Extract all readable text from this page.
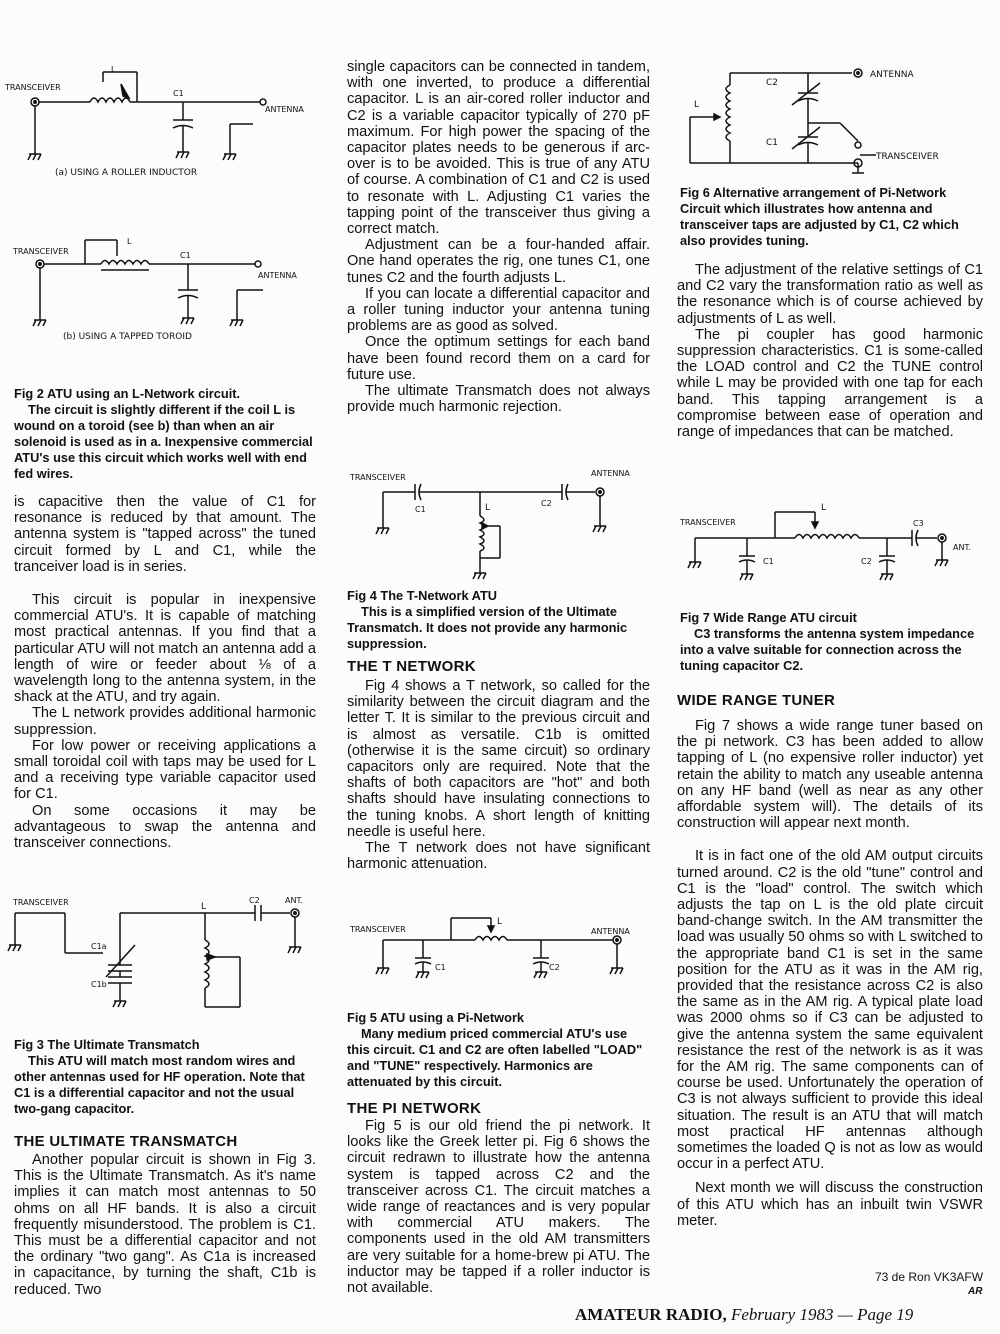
TRANSCEIVER
L
C1
ANTENNA
(a) USING A ROLLER INDUCTOR
TRANSCEIVER
L
C1
ANTENNA
(b) USING A TAPPED TOROID
Fig 2 ATU using an L-Network circuit.
The circuit is slightly different if the coil L is wound on a toroid (see b) than when an air solenoid is used as in a. Inexpensive commercial ATU's use this circuit which works well with end fed wires.

is capacitive then the value of C1 for resonance is reduced by that amount. The antenna system is "tapped across" the tuned circuit formed by L and C1, while the tranceiver load is in series.

This circuit is popular in inexpensive commercial ATU's. It is capable of matching most practical antennas. If you find that a particular ATU will not match an antenna add a length of wire or feeder about ⅛ of a wavelength long to the antenna system, in the shack at the ATU, and try again.

The L network provides additional harmonic suppression.

For low power or receiving applications a small toroidal coil with taps may be used for L and a receiving type variable capacitor used for C1.

On some occasions it may be advantageous to swap the antenna and transceiver connections.

TRANSCEIVER	L
C2	ANT.
C1a
C1b
Fig 3 The Ultimate Transmatch
This ATU will match most random wires and other antennas used for HF operation. Note that C1 is a differential capacitor and not the usual two-gang capacitor.
THE ULTIMATE TRANSMATCH

Another popular circuit is shown in Fig 3. This is the Ultimate Transmatch. As it's name implies it can match most antennas to 50 ohms on all HF bands. It is also a circuit frequently misunderstood. The problem is C1. This must be a differential capacitor and not the ordinary "two gang". As C1a is increased in capacitance, by turning the shaft, C1b is reduced. Two

single capacitors can be connected in tandem, with one inverted, to produce a differential capacitor. L is an air-cored roller inductor and C2 is a variable capacitor typically of 270 pF maximum. For high power the spacing of the capacitor plates needs to be generous if arc-over is to be avoided. This is true of any ATU of course. A combination of C1 and C2 is used to resonate with L. Adjusting C1 varies the tapping point of the transceiver thus giving a correct match.

Adjustment can be a four-handed affair. One hand operates the rig, one tunes C1, one tunes C2 and the fourth adjusts L.

If you can locate a differential capacitor and a roller tuning inductor your antenna tuning problems are as good as solved.

Once the optimum settings for each band have been found record them on a card for future use.

The ultimate Transmatch does not always provide much harmonic rejection.

TRANSCEIVER	ANTENNA
C1
C2
L
Fig 4 The T-Network ATU
This is a simplified version of the Ultimate Transmatch. It does not provide any harmonic suppression.
THE T NETWORK

Fig 4 shows a T network, so called for the similarity between the circuit diagram and the letter T. It is similar to the previous circuit and is almost as versatile. C1b is omitted (otherwise it is the same circuit) so ordinary capacitors only are required. Note that the shafts of both capacitors are "hot" and both shafts should have insulating connections to the tuning knobs. A short length of knitting needle is useful here.

The T network does not have significant harmonic attenuation.

TRANSCEIVER	ANTENNA
L
C1	C2
Fig 5 ATU using a Pi-Network
Many medium priced commercial ATU's use this circuit. C1 and C2 are often labelled "LOAD" and "TUNE" respectively. Harmonics are attenuated by this circuit.
THE PI NETWORK

Fig 5 is our old friend the pi network. It looks like the Greek letter pi. Fig 6 shows the circuit redrawn to illustrate how the antenna system is tapped across C2 and the transceiver across C1. The circuit matches a wide range of reactances and is very popular with commercial ATU makers. The components used in the old AM transmitters are very suitable for a home-brew pi ATU. The inductor may be tapped if a roller inductor is not available.

ANTENNA
TRANSCEIVER
L
C2
C1
Fig 6 Alternative arrangement of Pi-Network
Circuit which illustrates how antenna and transceiver taps are adjusted by C1, C2 which also provides tuning.

The adjustment of the relative settings of C1 and C2 vary the transformation ratio as well as the resonance which is of course achieved by adjustments of L as well.

The pi coupler has good harmonic suppression characteristics. C1 is some-called the LOAD control and C2 the TUNE control while L may be provided with one tap for each band. This tapping arrangement is a compromise between ease of operation and range of impedances that can be matched.

TRANSCEIVER
L
C1	C2
C3
ANT.
Fig 7 Wide Range ATU circuit
C3 transforms the antenna system impedance into a valve suitable for connection across the tuning capacitor C2.
WIDE RANGE TUNER

Fig 7 shows a wide range tuner based on the pi network. C3 has been added to allow tapping of L (no expensive roller inductor) yet retain the ability to match any useable antenna on any HF band (well as near as any other affordable system will). The details of its construction will appear next month.

It is in fact one of the old AM output circuits turned around. C2 is the old "tune" control and C1 is the "load" control. The switch which adjusts the tap on L is the old plate circuit band-change switch. In the AM transmitter the load was usually 50 ohms so with L switched to the appropriate band C1 is set in the same position for the ATU as it was in the AM rig, provided that the resistance across C2 is also the same as in the AM rig. A typical plate load was 2000 ohms so if C3 can be adjusted to give the antenna system the same equivalent resistance the rest of the network is as it was for the AM rig. The same components can of course be used. Unfortunately the operation of C3 is not always sufficient to provide this ideal situation. The result is an ATU that will match most practical HF antennas although sometimes the loaded Q is not as low as would occur in a perfect ATU.

Next month we will discuss the construction of this ATU which has an inbuilt twin VSWR meter.

73 de Ron VK3AFW
AR
AMATEUR RADIO, February 1983 — Page 19
